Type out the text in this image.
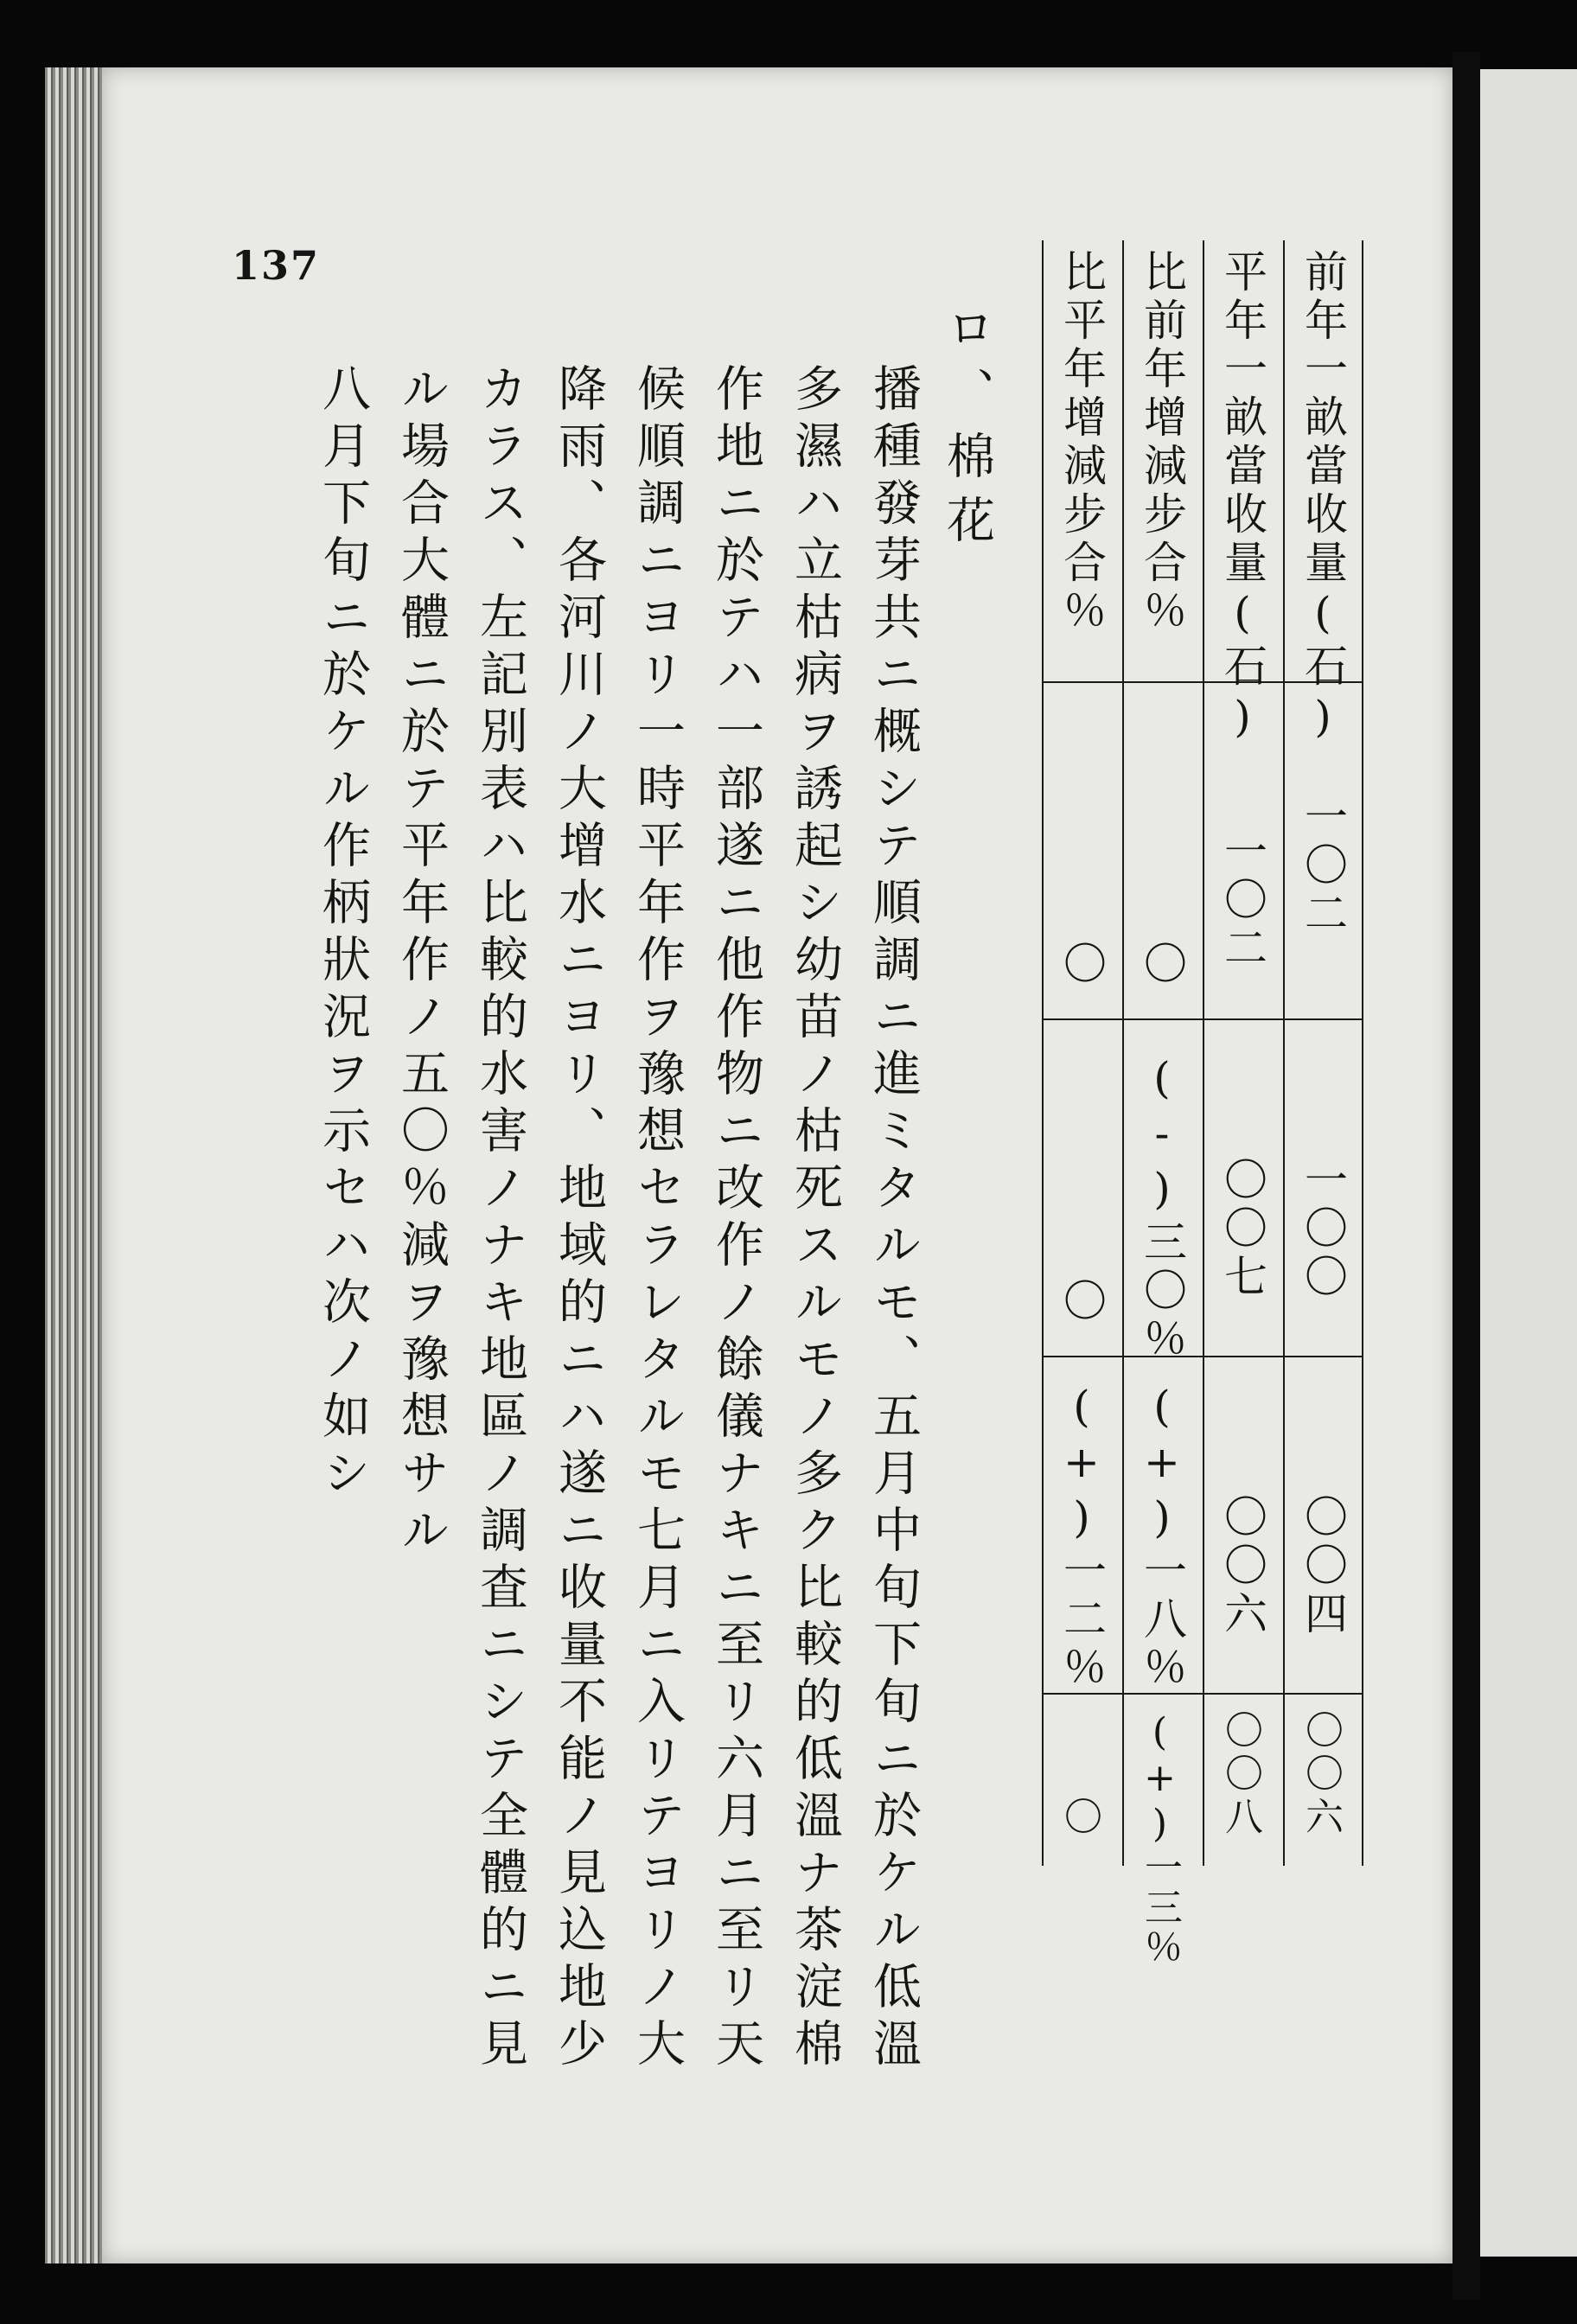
137	前年一畝當收量(石)
平年一畝當收量(石)
比前年增減步合％
比平年增減步合％
一〇二
一〇二
〇
〇
一〇〇
〇〇七
(-)三〇％
〇
〇〇四
〇〇六
(+)一八％
(+)一二％
〇〇六
〇〇八
(+)一三％
〇
ロ、棉花
播種發芽共ニ概シテ順調ニ進ミタルモ、五月中旬下旬ニ於ケル低溫
多濕ハ立枯病ヲ誘起シ幼苗ノ枯死スルモノ多ク比較的低溫ナ茶淀棉
作地ニ於テハ一部遂ニ他作物ニ改作ノ餘儀ナキニ至リ六月ニ至リ天
候順調ニヨリ一時平年作ヲ豫想セラレタルモ七月ニ入リテヨリノ大
降雨、各河川ノ大增水ニヨリ、地域的ニハ遂ニ收量不能ノ見込地少
カラス、左記別表ハ比較的水害ノナキ地區ノ調査ニシテ全體的ニ見
ル場合大體ニ於テ平年作ノ五〇％減ヲ豫想サル
八月下旬ニ於ケル作柄狀況ヲ示セハ次ノ如シ
